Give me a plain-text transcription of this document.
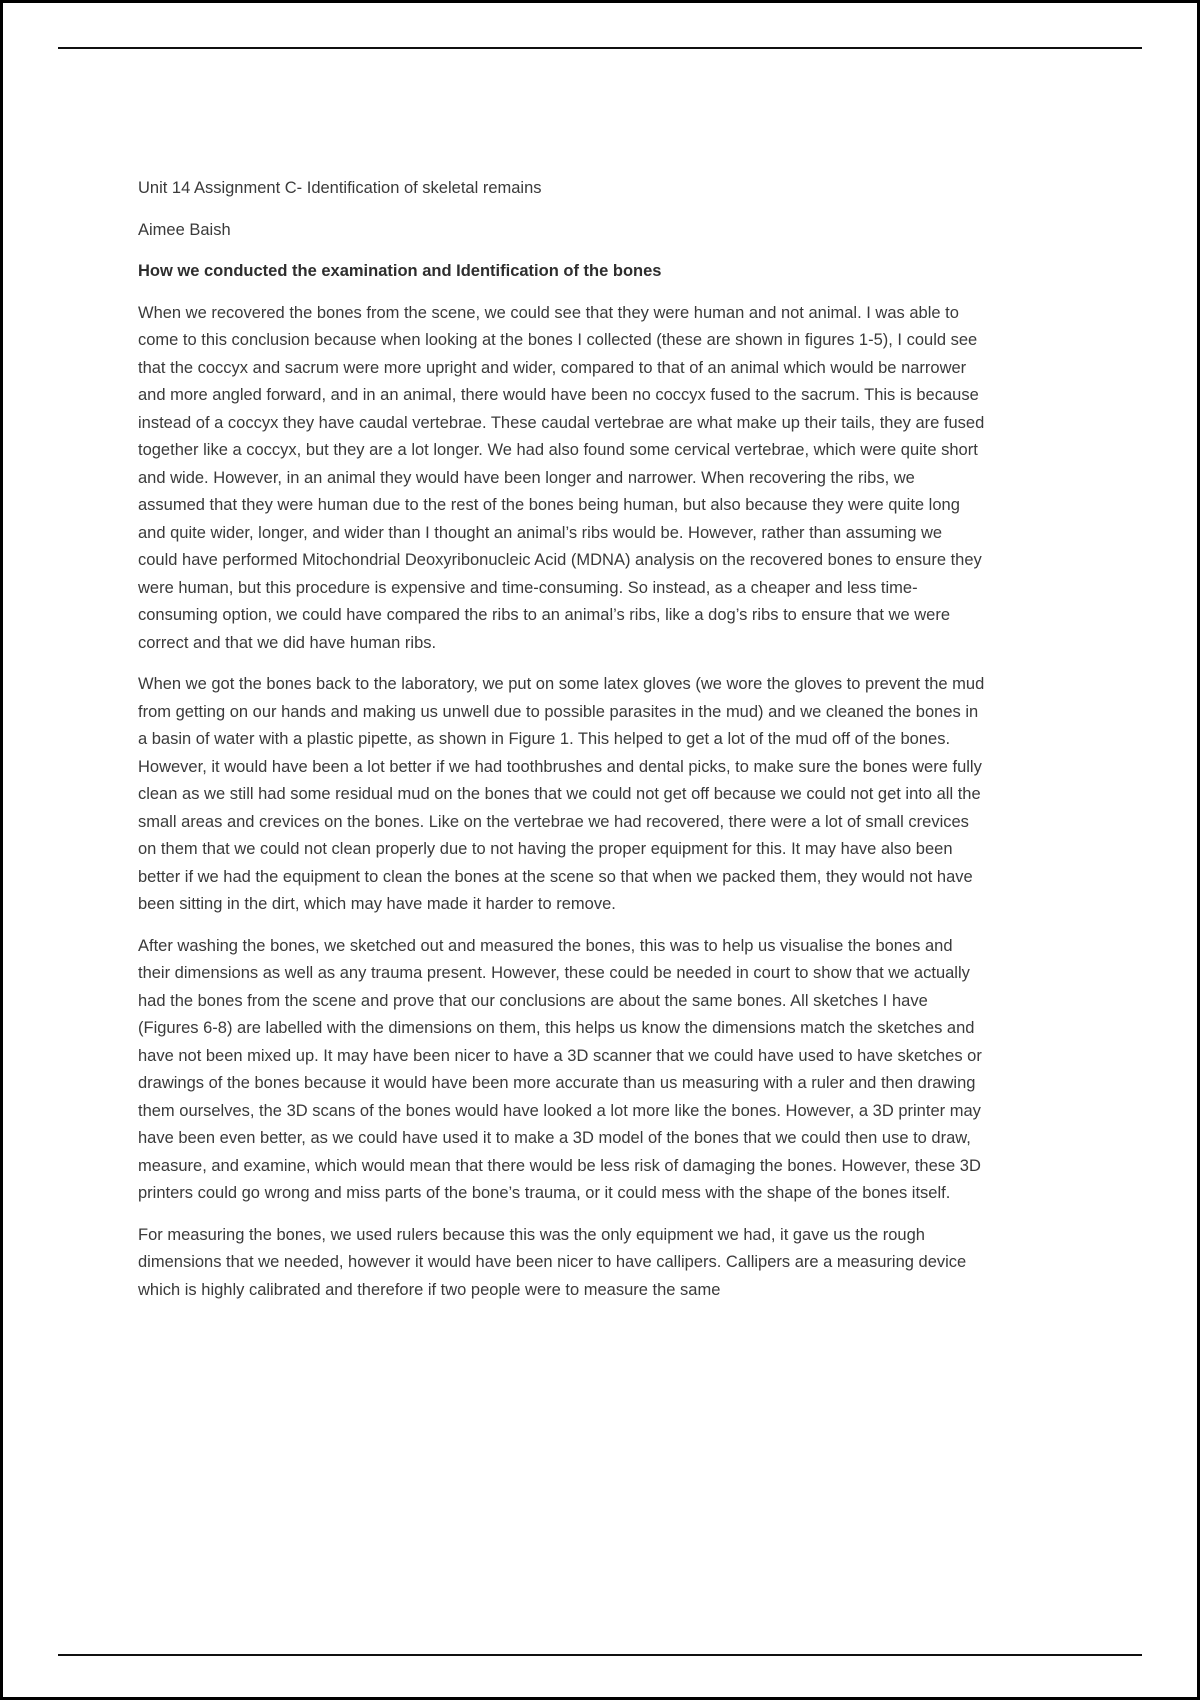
Unit 14 Assignment C- Identification of skeletal remains

Aimee Baish

How we conducted the examination and Identification of the bones

When we recovered the bones from the scene, we could see that they were human and not animal. I was able to come to this conclusion because when looking at the bones I collected (these are shown in figures 1-5), I could see that the coccyx and sacrum were more upright and wider, compared to that of an animal which would be narrower and more angled forward, and in an animal, there would have been no coccyx fused to the sacrum. This is because instead of a coccyx they have caudal vertebrae. These caudal vertebrae are what make up their tails, they are fused together like a coccyx, but they are a lot longer. We had also found some cervical vertebrae, which were quite short and wide. However, in an animal they would have been longer and narrower. When recovering the ribs, we assumed that they were human due to the rest of the bones being human, but also because they were quite long and quite wider, longer, and wider than I thought an animal’s ribs would be. However, rather than assuming we could have performed Mitochondrial Deoxyribonucleic Acid (MDNA) analysis on the recovered bones to ensure they were human, but this procedure is expensive and time-consuming. So instead, as a cheaper and less time-consuming option, we could have compared the ribs to an animal’s ribs, like a dog’s ribs to ensure that we were correct and that we did have human ribs.

When we got the bones back to the laboratory, we put on some latex gloves (we wore the gloves to prevent the mud from getting on our hands and making us unwell due to possible parasites in the mud) and we cleaned the bones in a basin of water with a plastic pipette, as shown in Figure 1. This helped to get a lot of the mud off of the bones. However, it would have been a lot better if we had toothbrushes and dental picks, to make sure the bones were fully clean as we still had some residual mud on the bones that we could not get off because we could not get into all the small areas and crevices on the bones. Like on the vertebrae we had recovered, there were a lot of small crevices on them that we could not clean properly due to not having the proper equipment for this. It may have also been better if we had the equipment to clean the bones at the scene so that when we packed them, they would not have been sitting in the dirt, which may have made it harder to remove.

After washing the bones, we sketched out and measured the bones, this was to help us visualise the bones and their dimensions as well as any trauma present. However, these could be needed in court to show that we actually had the bones from the scene and prove that our conclusions are about the same bones. All sketches I have (Figures 6-8) are labelled with the dimensions on them, this helps us know the dimensions match the sketches and have not been mixed up. It may have been nicer to have a 3D scanner that we could have used to have sketches or drawings of the bones because it would have been more accurate than us measuring with a ruler and then drawing them ourselves, the 3D scans of the bones would have looked a lot more like the bones. However, a 3D printer may have been even better, as we could have used it to make a 3D model of the bones that we could then use to draw, measure, and examine, which would mean that there would be less risk of damaging the bones. However, these 3D printers could go wrong and miss parts of the bone’s trauma, or it could mess with the shape of the bones itself.

For measuring the bones, we used rulers because this was the only equipment we had, it gave us the rough dimensions that we needed, however it would have been nicer to have callipers. Callipers are a measuring device which is highly calibrated and therefore if two people were to measure the same
